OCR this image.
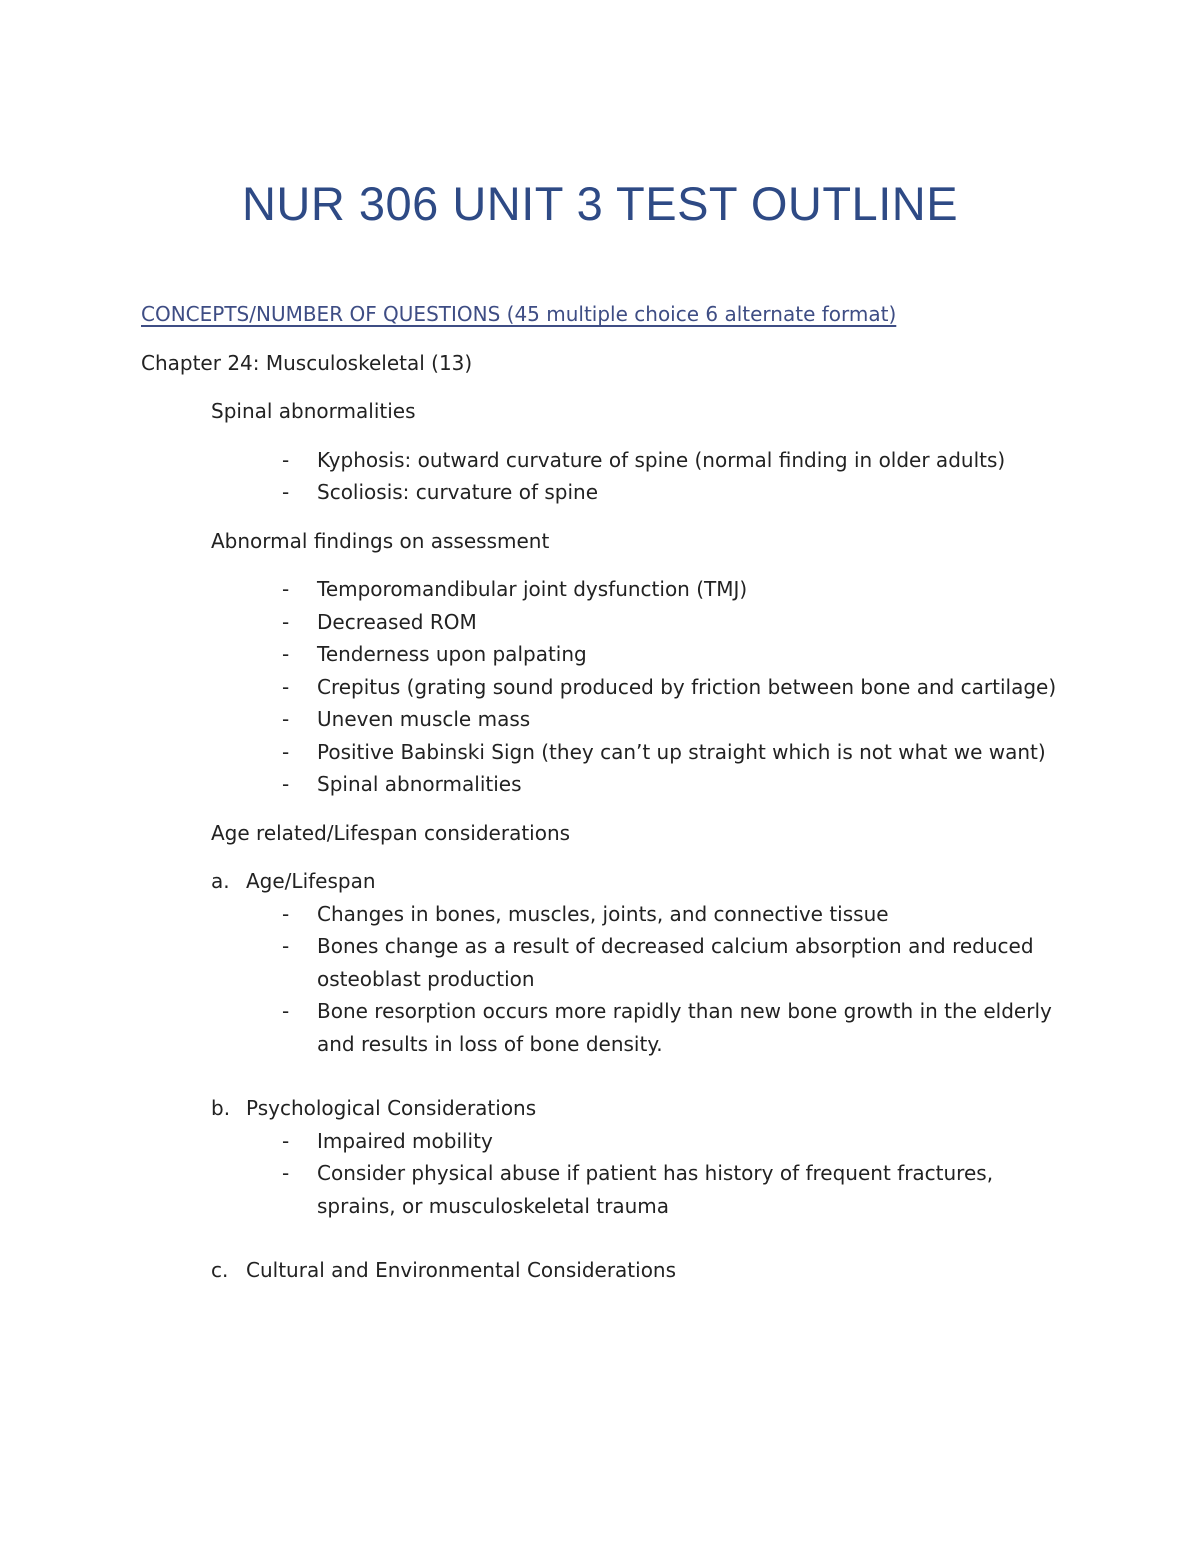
NUR 306 UNIT 3 TEST OUTLINE
CONCEPTS/NUMBER OF QUESTIONS (45 multiple choice 6 alternate format)
Chapter 24: Musculoskeletal (13)
Spinal abnormalities
- Kyphosis: outward curvature of spine (normal finding in older adults)
- Scoliosis: curvature of spine
Abnormal findings on assessment
- Temporomandibular joint dysfunction (TMJ)
- Decreased ROM
- Tenderness upon palpating
- Crepitus (grating sound produced by friction between bone and cartilage)
- Uneven muscle mass
- Positive Babinski Sign (they can’t up straight which is not what we want)
- Spinal abnormalities
Age related/Lifespan considerations
a. Age/Lifespan
- Changes in bones, muscles, joints, and connective tissue
- Bones change as a result of decreased calcium absorption and reduced osteoblast production
- Bone resorption occurs more rapidly than new bone growth in the elderly and results in loss of bone density.
b. Psychological Considerations
- Impaired mobility
- Consider physical abuse if patient has history of frequent fractures, sprains, or musculoskeletal trauma
c. Cultural and Environmental Considerations
